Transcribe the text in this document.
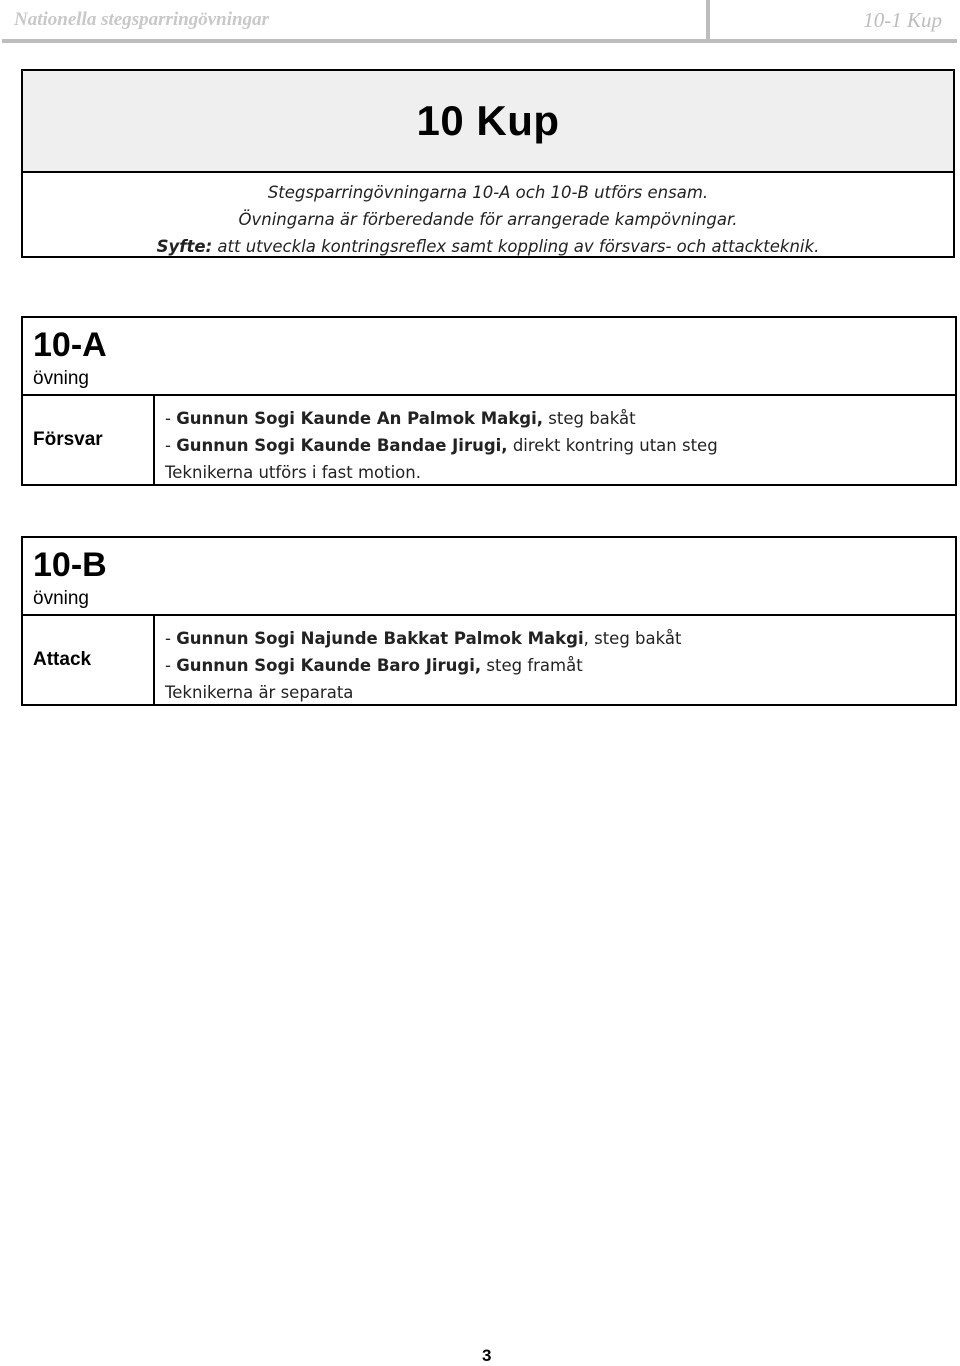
Nationella stegsparringövningar	10-1 Kup
10 Kup
Stegsparringövningarna 10-A och 10-B utförs ensam.
Övningarna är förberedande för arrangerade kampövningar.
Syfte: att utveckla kontringsreflex samt koppling av försvars- och attackteknik.
10-A
övning
Försvar
- Gunnun Sogi Kaunde An Palmok Makgi, steg bakåt
- Gunnun Sogi Kaunde Bandae Jirugi, direkt kontring utan steg
Teknikerna utförs i fast motion.
10-B
övning
Attack
- Gunnun Sogi Najunde Bakkat Palmok Makgi, steg bakåt
- Gunnun Sogi Kaunde Baro Jirugi, steg framåt
Teknikerna är separata
3
